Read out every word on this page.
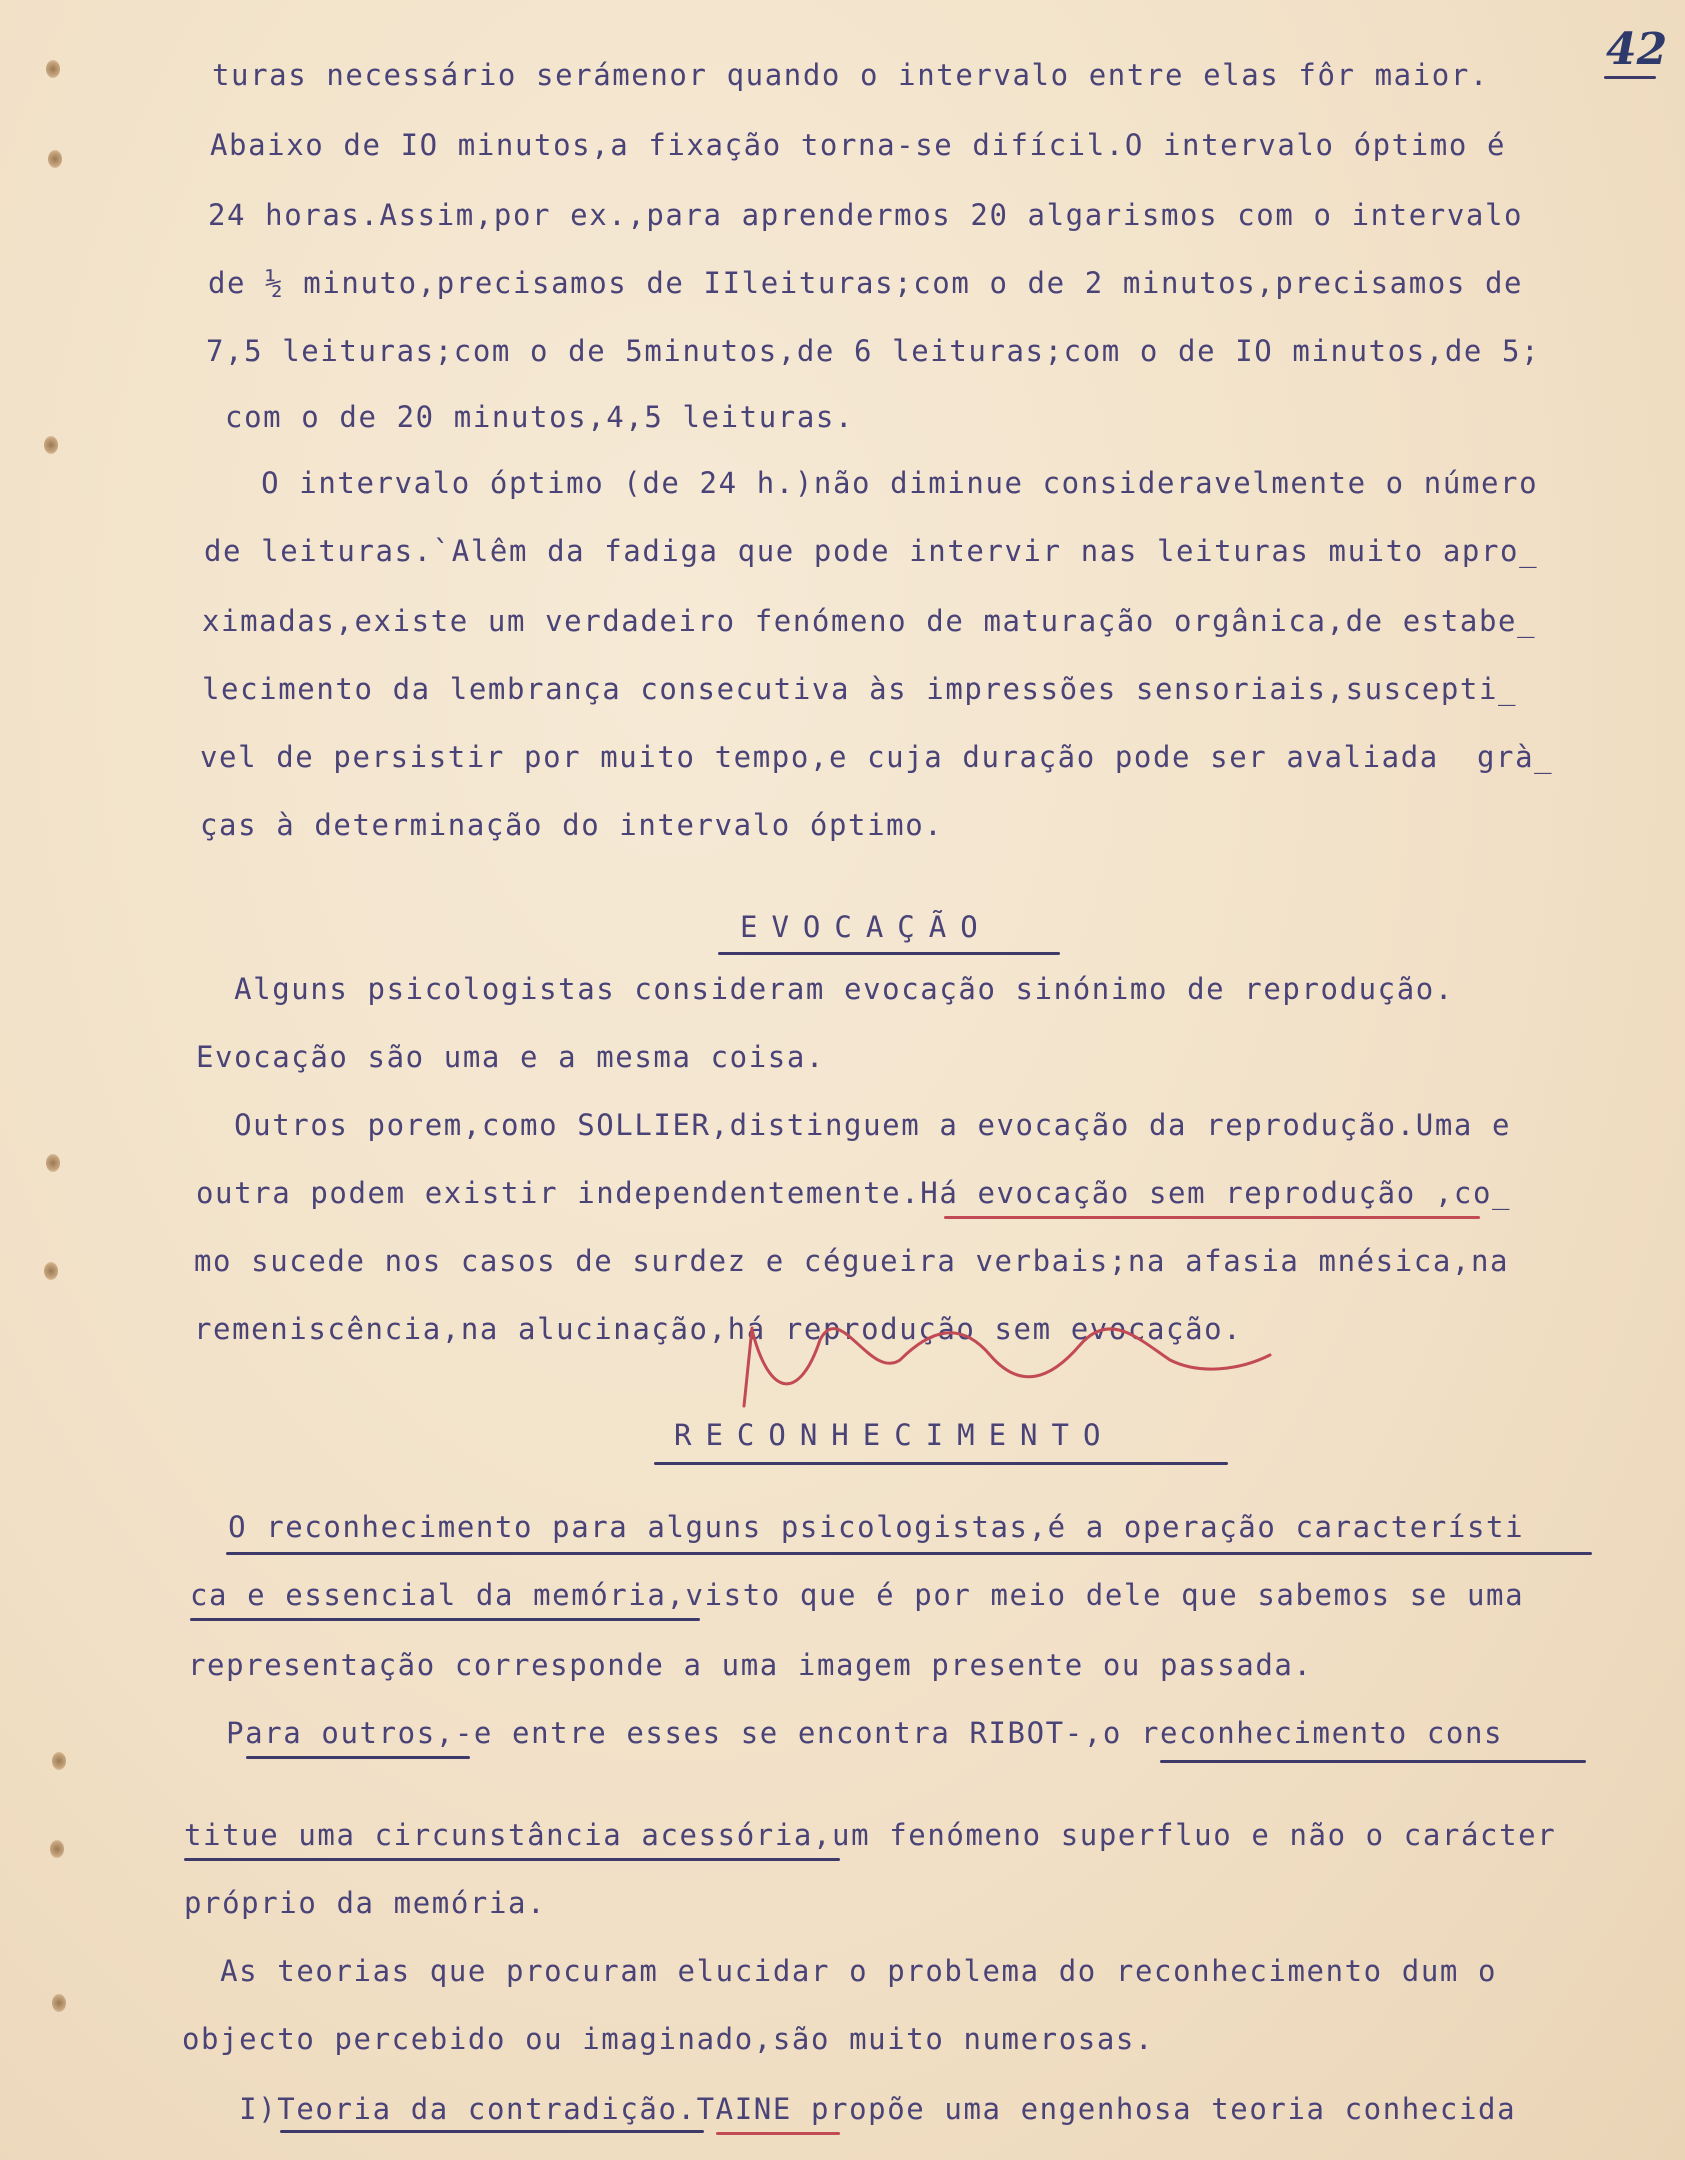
42
turas necessário serámenor quando o intervalo entre elas fôr maior.
Abaixo de IO minutos,a fixação torna-se difícil.O intervalo óptimo é
24 horas.Assim,por ex.,para aprendermos 20 algarismos com o intervalo
de ½ minuto,precisamos de IIleituras;com o de 2 minutos,precisamos de
7,5 leituras;com o de 5minutos,de 6 leituras;com o de IO minutos,de 5;
com o de 20 minutos,4,5 leituras.
O intervalo óptimo (de 24 h.)não diminue consideravelmente o número
de leituras.`Alêm da fadiga que pode intervir nas leituras muito apro_
ximadas,existe um verdadeiro fenómeno de maturação orgânica,de estabe_
lecimento da lembrança consecutiva às impressões sensoriais,suscepti_
vel de persistir por muito tempo,e cuja duração pode ser avaliada  grà_
ças à determinação do intervalo óptimo.
EVOCAÇÃO
Alguns psicologistas consideram evocação sinónimo de reprodução.
Evocação são uma e a mesma coisa.
Outros porem,como SOLLIER,distinguem a evocação da reprodução.Uma e
outra podem existir independentemente.Há evocação sem reprodução ,co_
mo sucede nos casos de surdez e cégueira verbais;na afasia mnésica,na
remeniscência,na alucinação,há reprodução sem evocação.
RECONHECIMENTO
O reconhecimento para alguns psicologistas,é a operação característi
ca e essencial da memória,visto que é por meio dele que sabemos se uma
representação corresponde a uma imagem presente ou passada.
Para outros,-e entre esses se encontra RIBOT-,o reconhecimento cons
titue uma circunstância acessória,um fenómeno superfluo e não o carácter
próprio da memória.
As teorias que procuram elucidar o problema do reconhecimento dum o
objecto percebido ou imaginado,são muito numerosas.
I)Teoria da contradição.TAINE propõe uma engenhosa teoria conhecida
